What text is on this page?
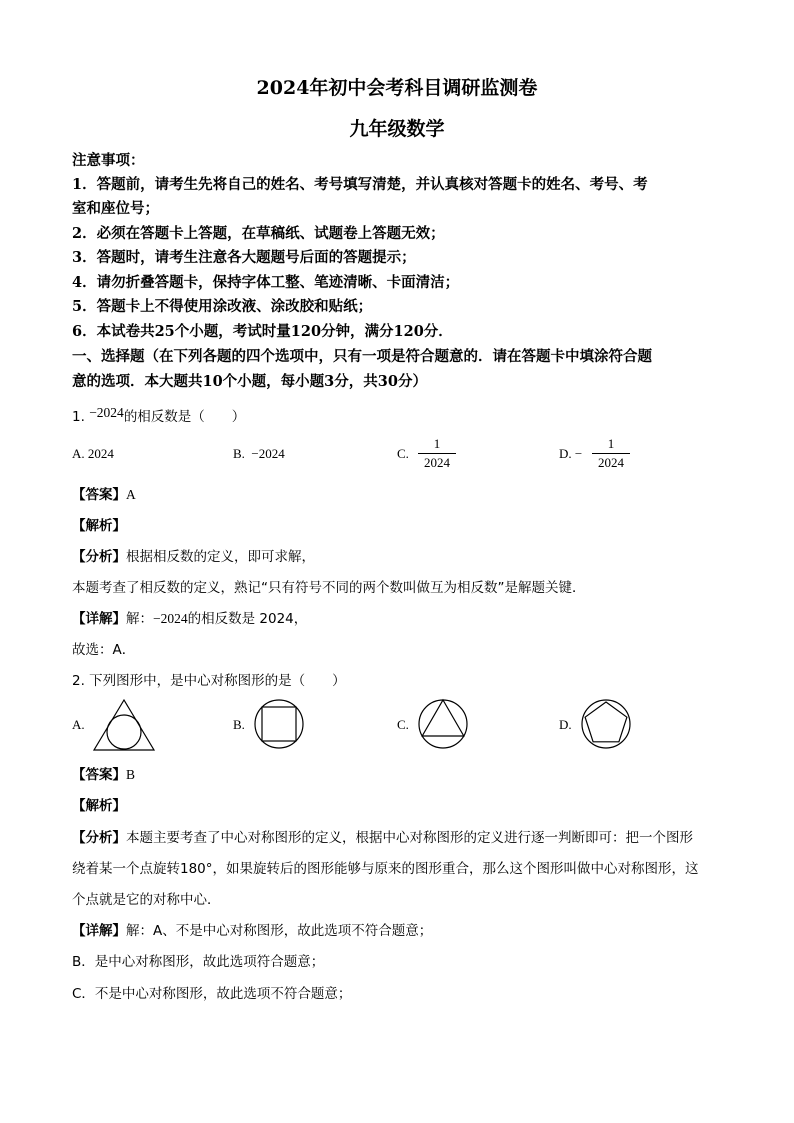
2024年初中会考科目调研监测卷
九年级数学
注意事项：
1．答题前，请考生先将自己的姓名、考号填写清楚，并认真核对答题卡的姓名、考号、考
室和座位号；
2．必须在答题卡上答题，在草稿纸、试题卷上答题无效；
3．答题时，请考生注意各大题题号后面的答题提示；
4．请勿折叠答题卡，保持字体工整、笔迹清晰、卡面清洁；
5．答题卡上不得使用涂改液、涂改胶和贴纸；
6．本试卷共25个小题，考试时量120分钟，满分120分．
一、选择题（在下列各题的四个选项中，只有一项是符合题意的．请在答题卡中填涂符合题
意的选项．本大题共10个小题，每小题3分，共30分）
1. −2024的相反数是（　　）
A. 2024	B. −2024	C.
1
2024
D. −
1
2024
【答案】A
【解析】
【分析】根据相反数的定义，即可求解，
本题考查了相反数的定义，熟记“只有符号不同的两个数叫做互为相反数”是解题关键．
【详解】解：−2024的相反数是 2024，
故选：A．
2. 下列图形中，是中心对称图形的是（　　）
A.	B.	C.	D.
【答案】B
【解析】
【分析】本题主要考查了中心对称图形的定义，根据中心对称图形的定义进行逐一判断即可：把一个图形
绕着某一个点旋转180°，如果旋转后的图形能够与原来的图形重合，那么这个图形叫做中心对称图形，这
个点就是它的对称中心．
【详解】解：A、不是中心对称图形，故此选项不符合题意；
B．是中心对称图形，故此选项符合题意；
C．不是中心对称图形，故此选项不符合题意；
